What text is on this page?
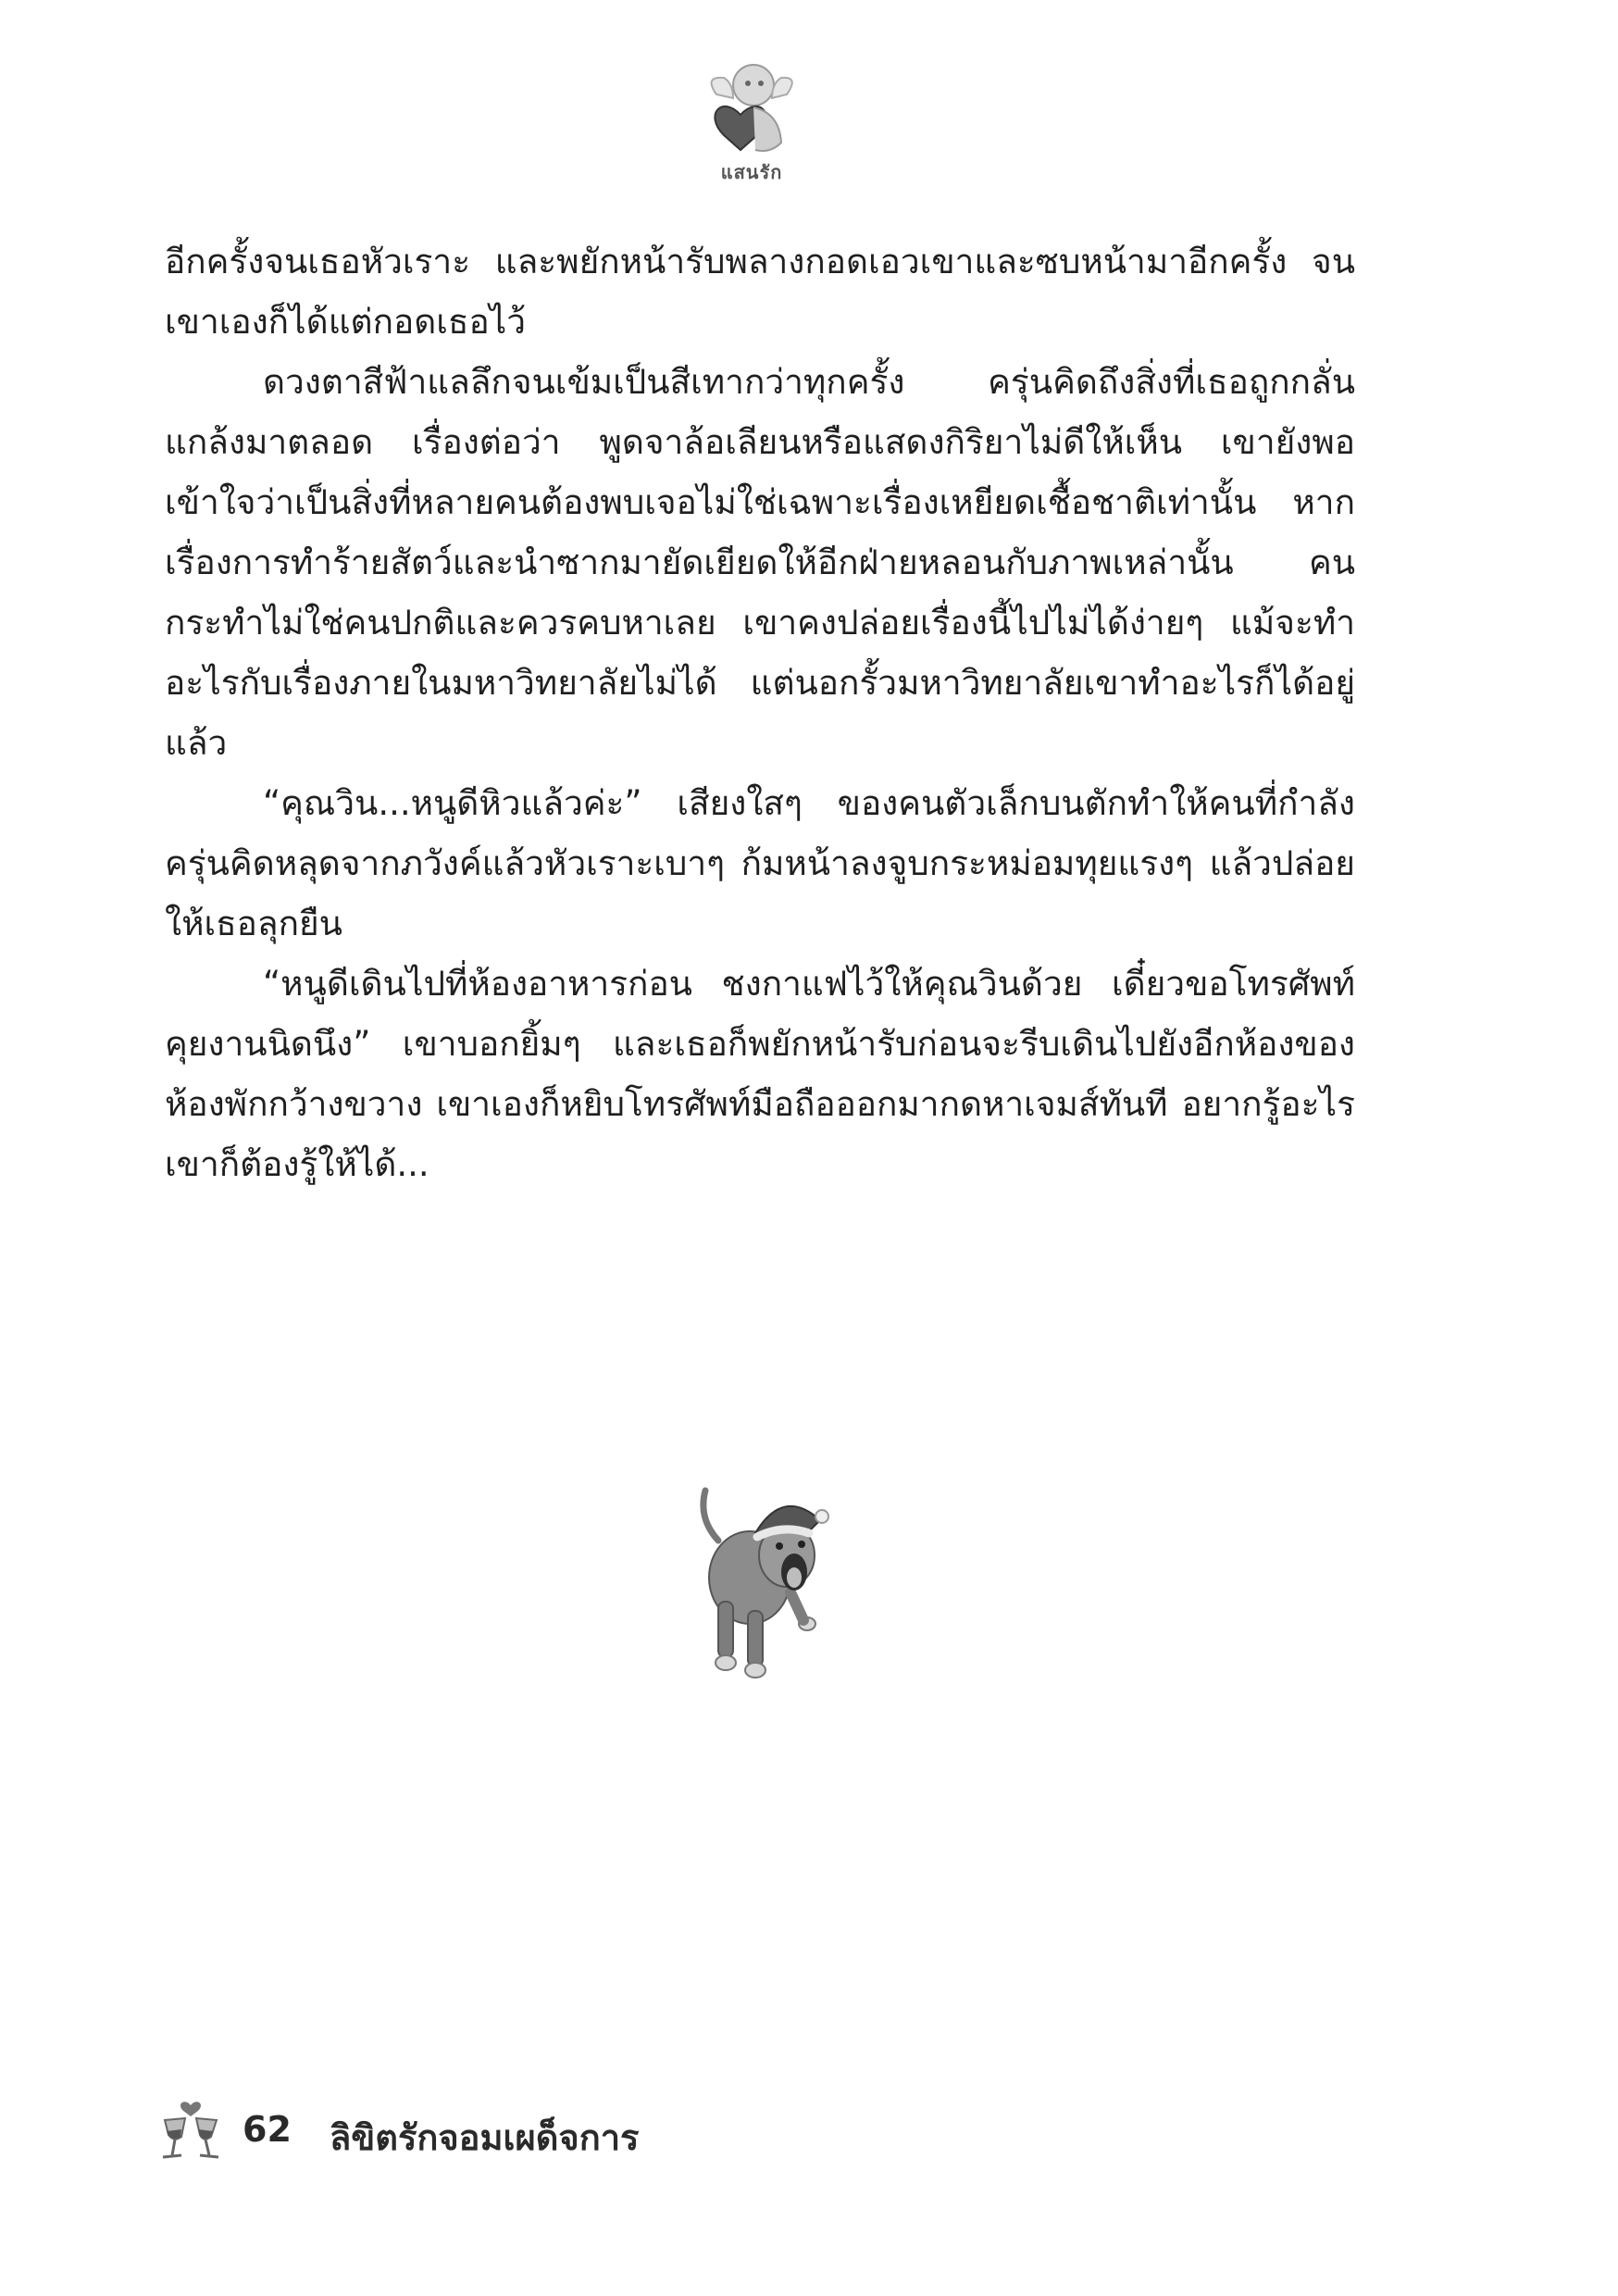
แสนรัก

อีกครั้งจนเธอหัวเราะ และพยักหน้ารับพลางกอดเอวเขาและซบหน้ามาอีกครั้ง จนเขาเองก็ได้แต่กอดเธอไว้

ดวงตาสีฟ้าแลลึกจนเข้มเป็นสีเทากว่าทุกครั้ง ครุ่นคิดถึงสิ่งที่เธอถูกกลั่นแกล้งมาตลอด เรื่องต่อว่า พูดจาล้อเลียนหรือแสดงกิริยาไม่ดีให้เห็น เขายังพอเข้าใจว่าเป็นสิ่งที่หลายคนต้องพบเจอไม่ใช่เฉพาะเรื่องเหยียดเชื้อชาติเท่านั้น หากเรื่องการทำร้ายสัตว์และนำซากมายัดเยียดให้อีกฝ่ายหลอนกับภาพเหล่านั้น คนกระทำไม่ใช่คนปกติและควรคบหาเลย เขาคงปล่อยเรื่องนี้ไปไม่ได้ง่ายๆ แม้จะทำอะไรกับเรื่องภายในมหาวิทยาลัยไม่ได้ แต่นอกรั้วมหาวิทยาลัยเขาทำอะไรก็ได้อยู่แล้ว

“คุณวิน...หนูดีหิวแล้วค่ะ” เสียงใสๆ ของคนตัวเล็กบนตักทำให้คนที่กำลังครุ่นคิดหลุดจากภวังค์แล้วหัวเราะเบาๆ ก้มหน้าลงจูบกระหม่อมทุยแรงๆ แล้วปล่อยให้เธอลุกยืน

“หนูดีเดินไปที่ห้องอาหารก่อน ชงกาแฟไว้ให้คุณวินด้วย เดี๋ยวขอโทรศัพท์คุยงานนิดนึง” เขาบอกยิ้มๆ และเธอก็พยักหน้ารับก่อนจะรีบเดินไปยังอีกห้องของห้องพักกว้างขวาง เขาเองก็หยิบโทรศัพท์มือถือออกมากดหาเจมส์ทันที อยากรู้อะไรเขาก็ต้องรู้ให้ได้...

62 ลิขิตรักจอมเผด็จการ
